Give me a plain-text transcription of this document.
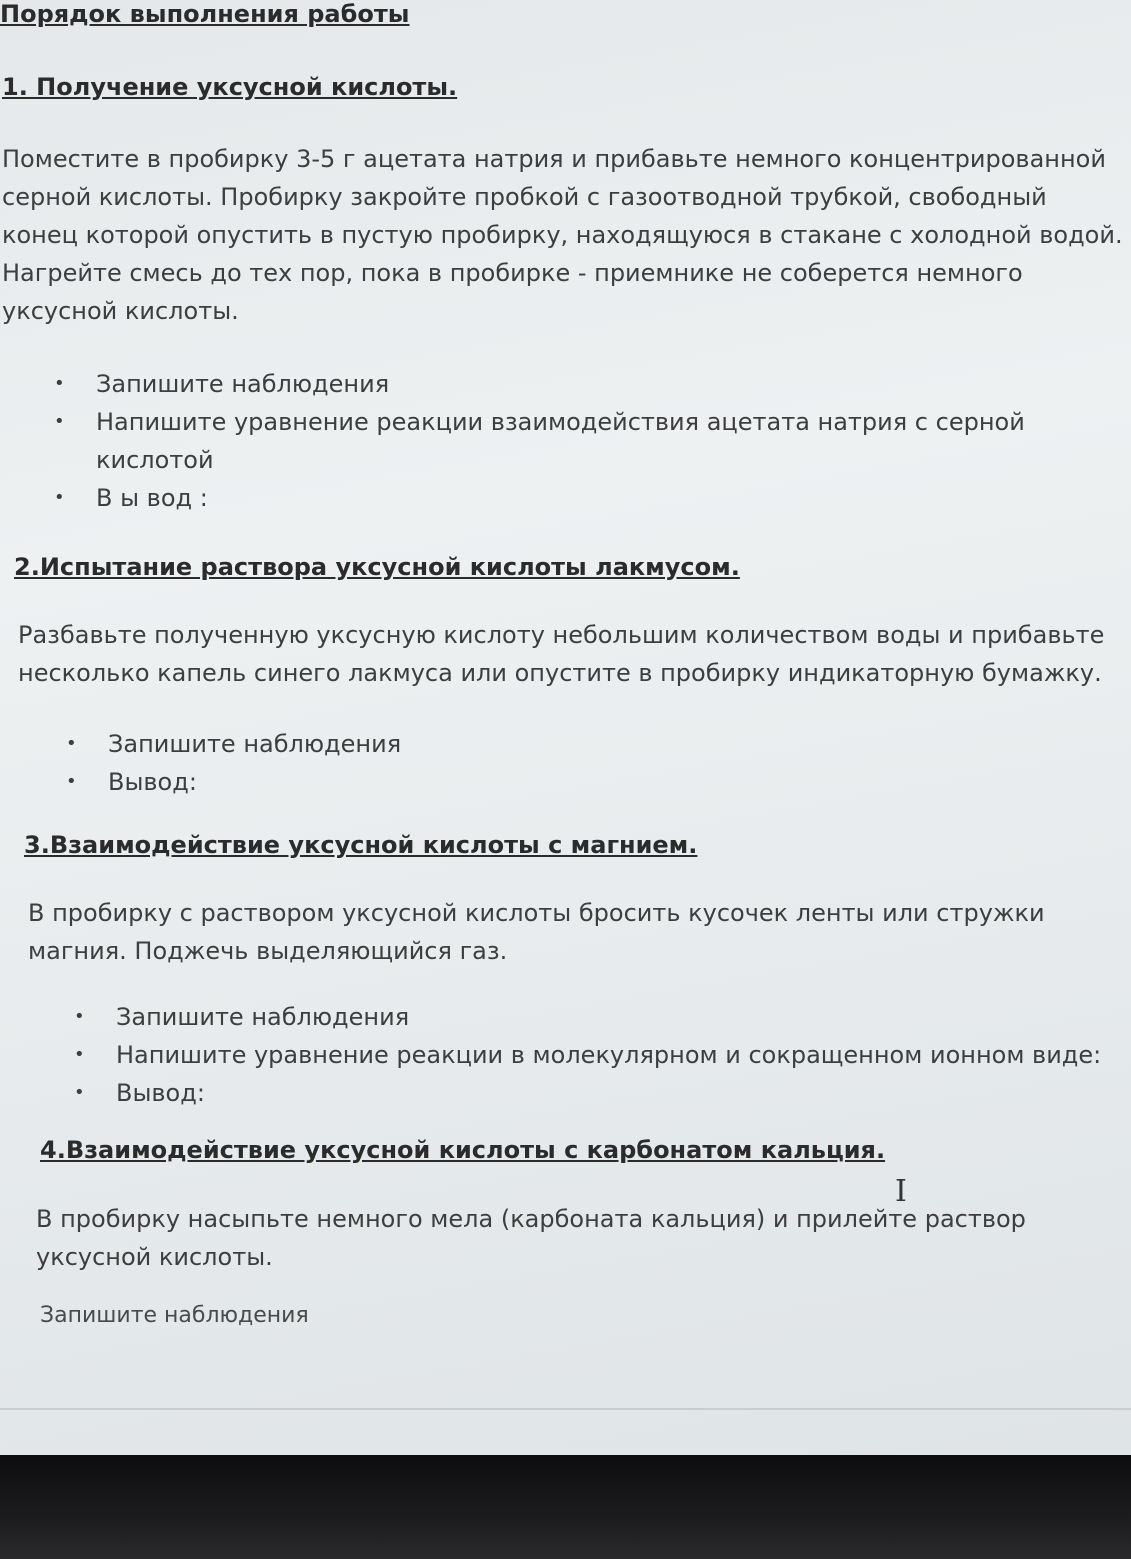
Порядок выполнения работы
1. Получение уксусной кислоты.

Поместите в пробирку 3-5 г ацетата натрия и прибавьте немного концентрированной серной кислоты. Пробирку закройте пробкой с газоотводной трубкой, свободный конец которой опустить в пустую пробирку, находящуюся в стакане с холодной водой. Нагрейте смесь до тех пор, пока в пробирке - приемнике не соберется немного уксусной кислоты.

• Запишите наблюдения
• Напишите уравнение реакции взаимодействия ацетата натрия с серной кислотой
• В ы вод :
2.Испытание раствора уксусной кислоты лакмусом.

Разбавьте полученную уксусную кислоту небольшим количеством воды и прибавьте несколько капель синего лакмуса или опустите в пробирку индикаторную бумажку.

• Запишите наблюдения
• Вывод:
3.Взаимодействие уксусной кислоты с магнием.

В пробирку с раствором уксусной кислоты бросить кусочек ленты или стружки магния. Поджечь выделяющийся газ.

• Запишите наблюдения
• Напишите уравнение реакции в молекулярном и сокращенном ионном виде:
• Вывод:
4.Взаимодействие уксусной кислоты с карбонатом кальция.

В пробирку насыпьте немного мела (карбоната кальция) и прилейте раствор уксусной кислоты.

Запишите наблюдения

I
